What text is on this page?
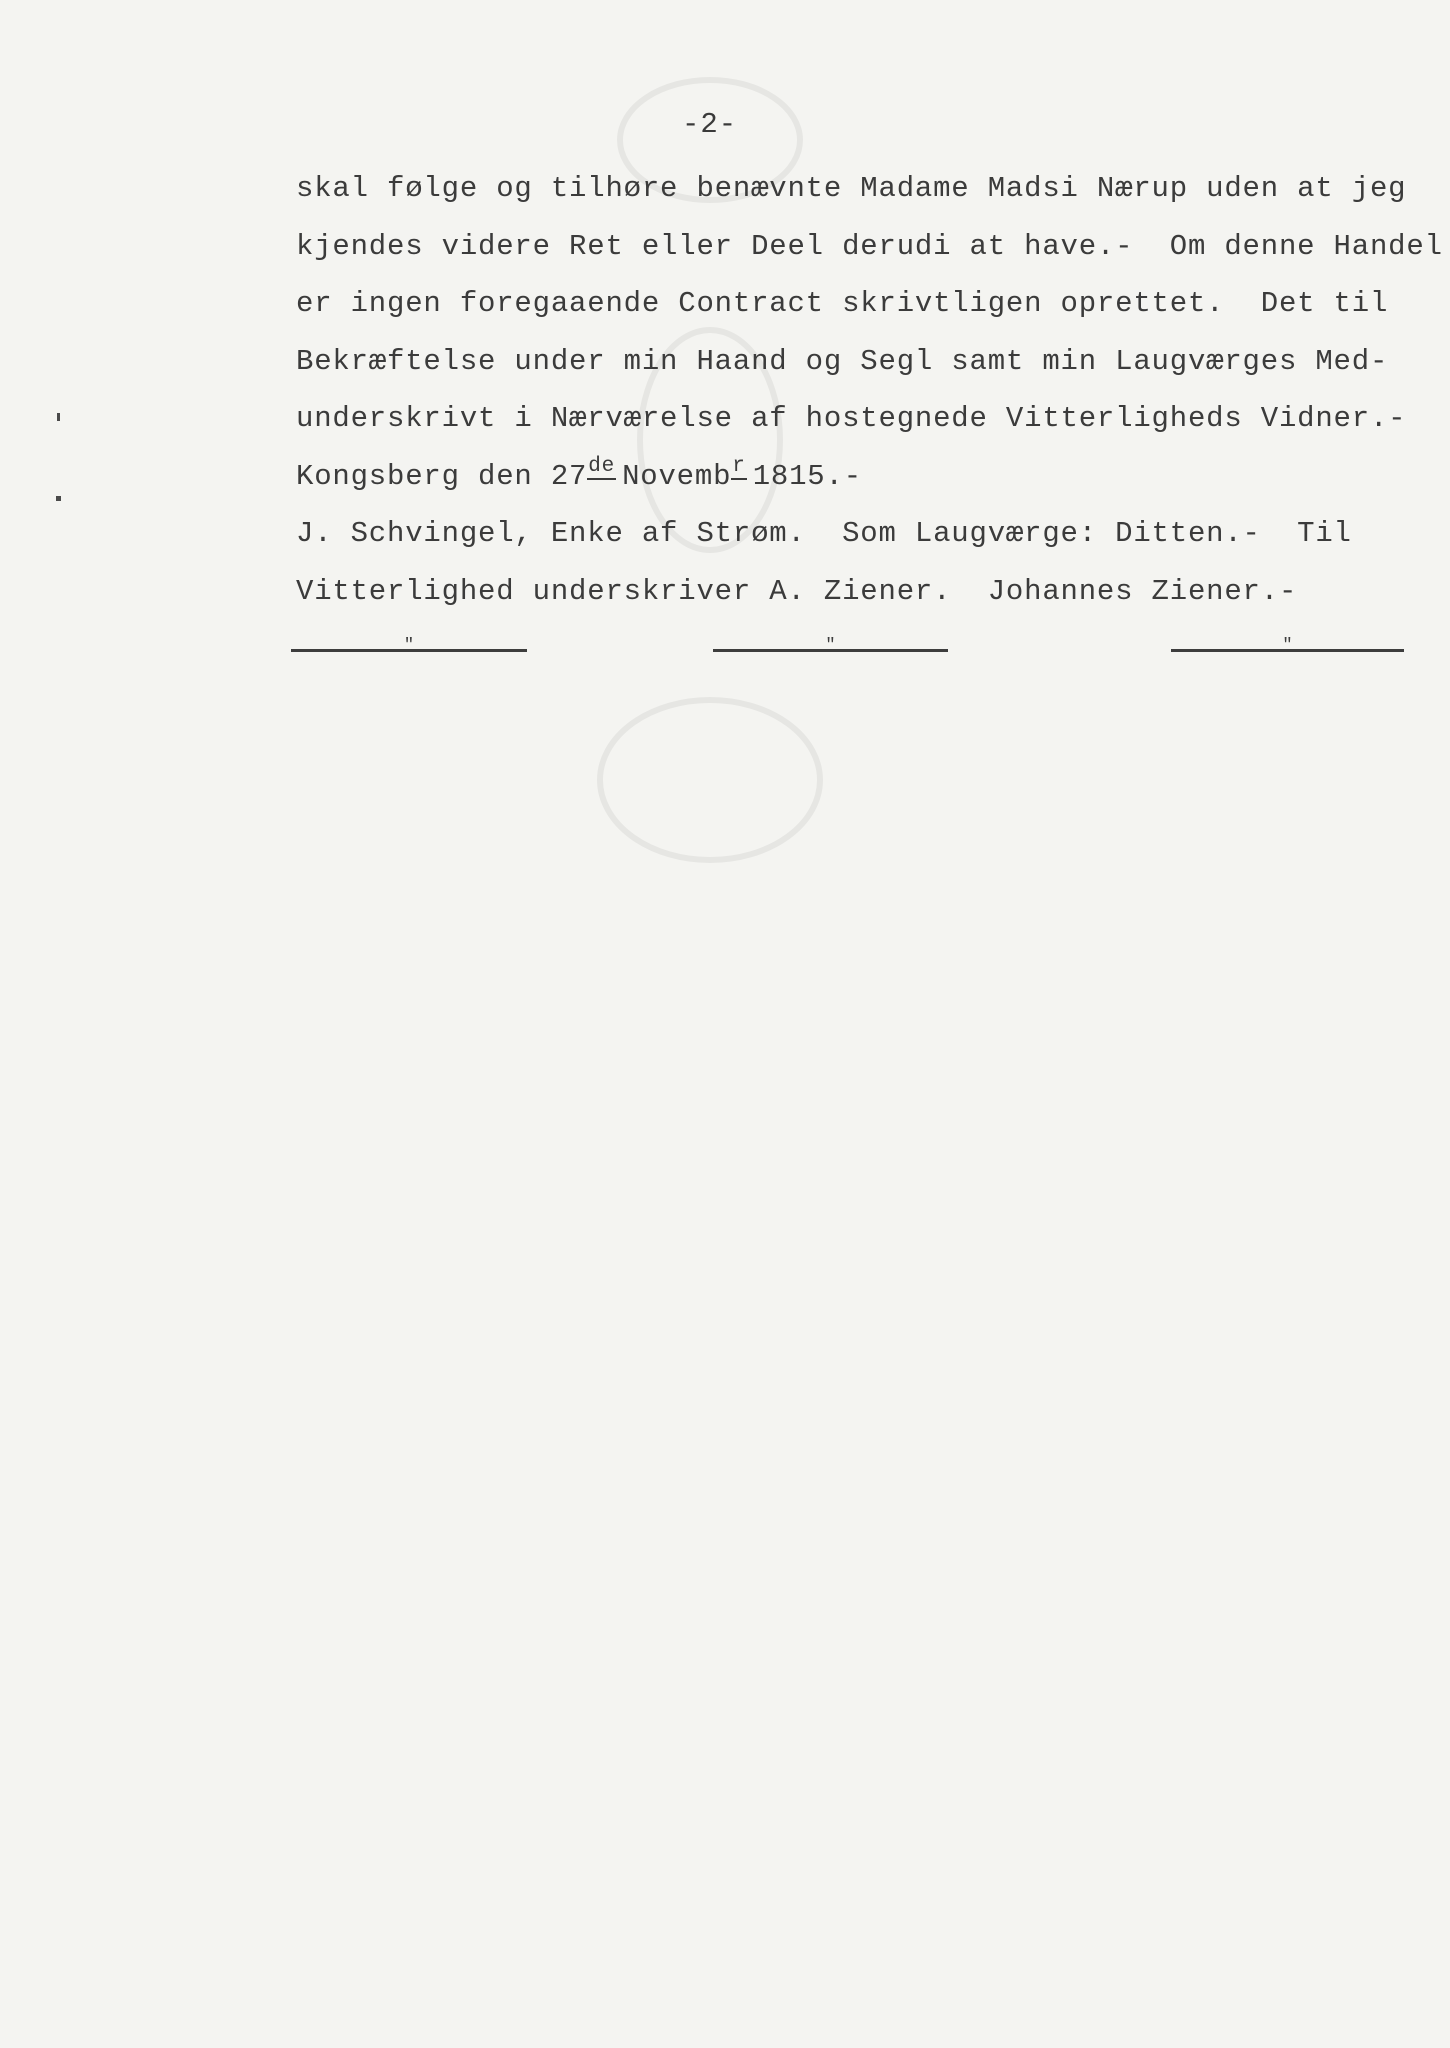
-2-
skal følge og tilhøre benævnte Madame Madsi Nærup uden at jeg
kjendes videre Ret eller Deel derudi at have.-  Om denne Handel
er ingen foregaaende Contract skrivtligen oprettet.  Det til
Bekræftelse under min Haand og Segl samt min Laugværges Med-
underskrivt i Nærværelse af hostegnede Vitterligheds Vidner.-
Kongsberg den 27de Novembr 1815.-
J. Schvingel, Enke af Strøm.  Som Laugværge: Ditten.-  Til
Vitterlighed underskriver A. Ziener.  Johannes Ziener.-
"	"	"
